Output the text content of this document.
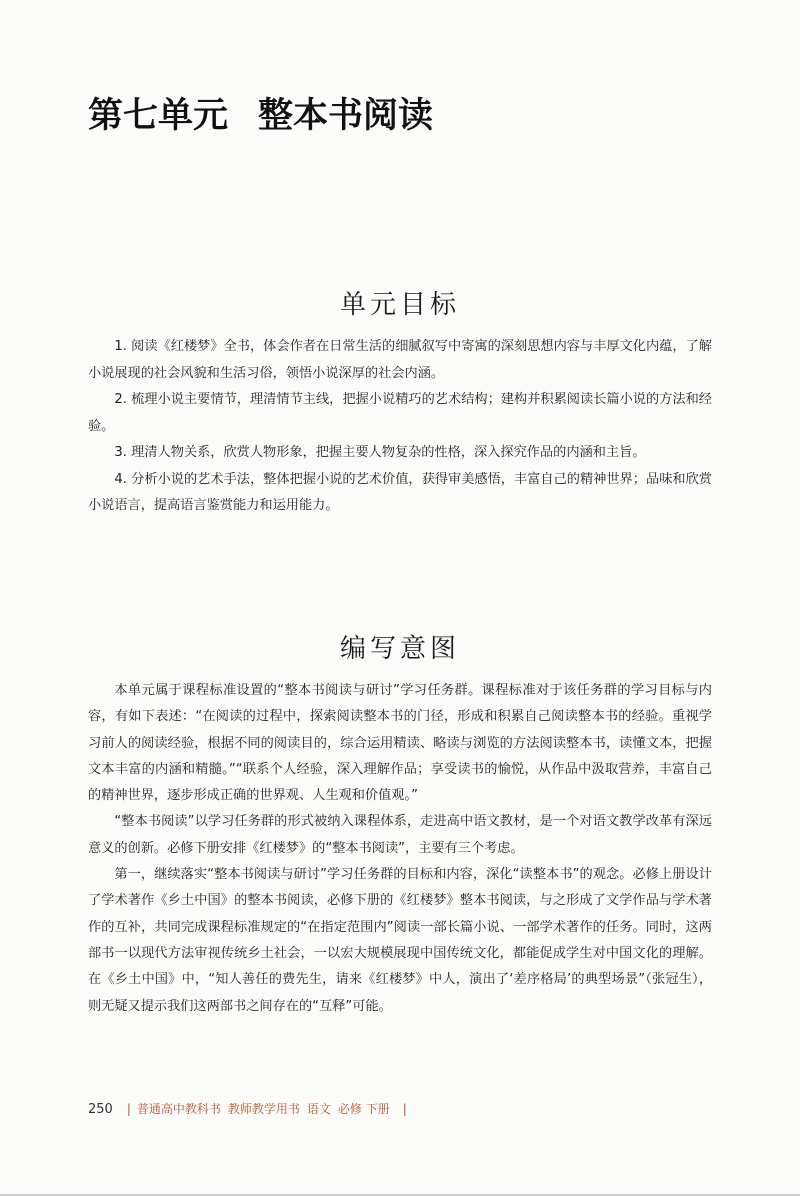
第七单元 整本书阅读
单元目标

1. 阅读《红楼梦》全书，体会作者在日常生活的细腻叙写中寄寓的深刻思想内容与丰厚文化内蕴，了解小说展现的社会风貌和生活习俗，领悟小说深厚的社会内涵。

2. 梳理小说主要情节，理清情节主线，把握小说精巧的艺术结构；建构并积累阅读长篇小说的方法和经验。

3. 理清人物关系，欣赏人物形象，把握主要人物复杂的性格，深入探究作品的内涵和主旨。

4. 分析小说的艺术手法，整体把握小说的艺术价值，获得审美感悟，丰富自己的精神世界；品味和欣赏小说语言，提高语言鉴赏能力和运用能力。

编写意图

本单元属于课程标准设置的“整本书阅读与研讨”学习任务群。课程标准对于该任务群的学习目标与内容，有如下表述：“在阅读的过程中，探索阅读整本书的门径，形成和积累自己阅读整本书的经验。重视学习前人的阅读经验，根据不同的阅读目的，综合运用精读、略读与浏览的方法阅读整本书，读懂文本，把握文本丰富的内涵和精髓。”“联系个人经验，深入理解作品；享受读书的愉悦，从作品中汲取营养，丰富自己的精神世界，逐步形成正确的世界观、人生观和价值观。”

“整本书阅读”以学习任务群的形式被纳入课程体系，走进高中语文教材，是一个对语文教学改革有深远意义的创新。必修下册安排《红楼梦》的“整本书阅读”，主要有三个考虑。

第一，继续落实“整本书阅读与研讨”学习任务群的目标和内容，深化“读整本书”的观念。必修上册设计了学术著作《乡土中国》的整本书阅读，必修下册的《红楼梦》整本书阅读，与之形成了文学作品与学术著作的互补，共同完成课程标准规定的“在指定范围内”阅读一部长篇小说、一部学术著作的任务。同时，这两部书一以现代方法审视传统乡土社会，一以宏大规模展现中国传统文化，都能促成学生对中国文化的理解。在《乡土中国》中，“知人善任的费先生，请来《红楼梦》中人，演出了‘差序格局’的典型场景”（张冠生），则无疑又提示我们这两部书之间存在的“互释”可能。

250 | 普通高中教科书 教师教学用书 语文 必修 下册 |
